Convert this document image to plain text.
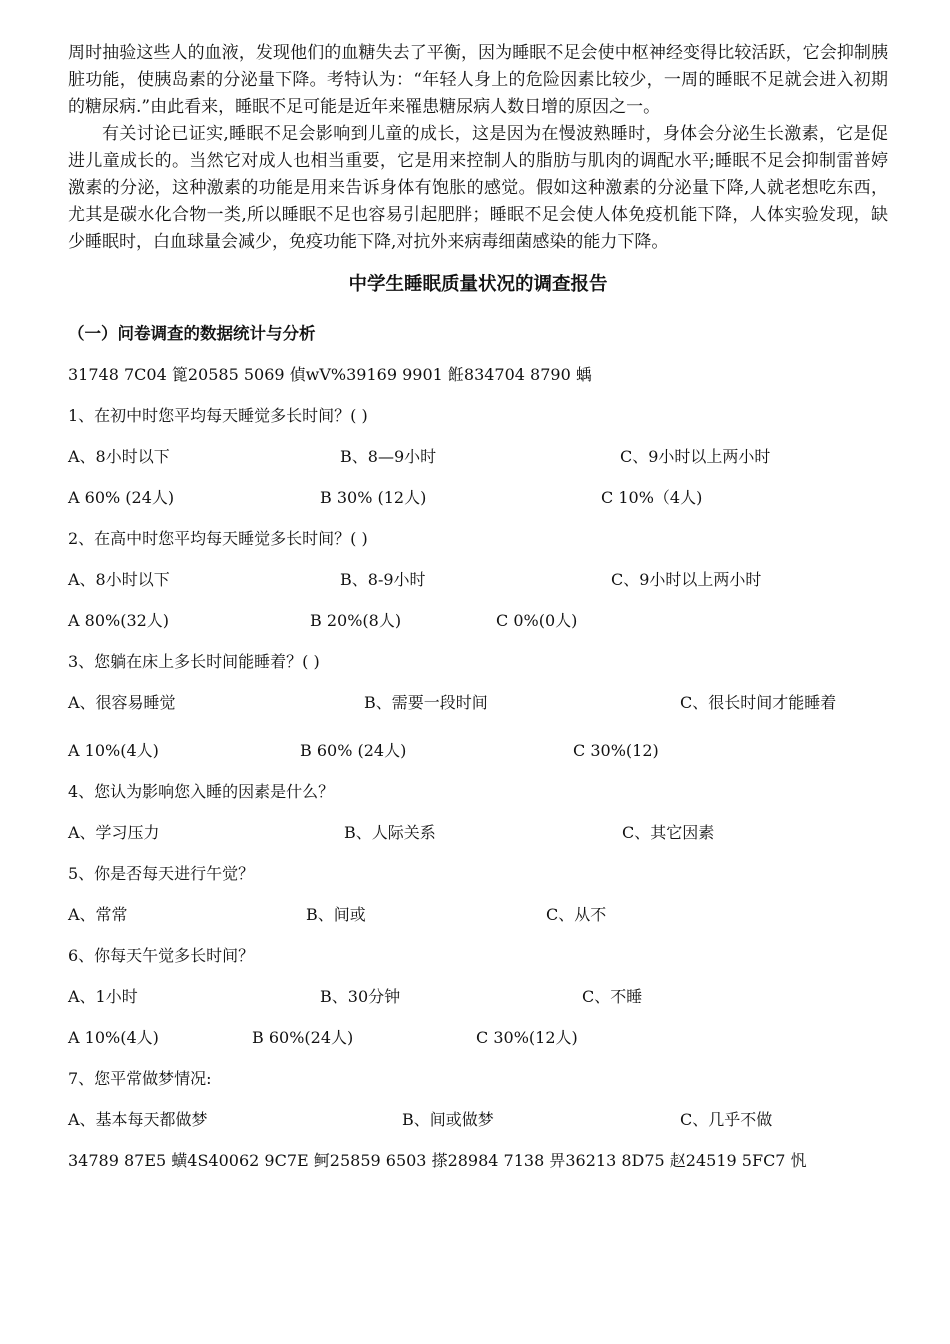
周时抽验这些人的血液，发现他们的血糖失去了平衡，因为睡眠不足会使中枢神经变得比较活跃，它会抑制胰脏功能，使胰岛素的分泌量下降。考特认为：“年轻人身上的危险因素比较少，一周的睡眠不足就会进入初期的糖尿病.”由此看来，睡眠不足可能是近年来罹患糖尿病人数日增的原因之一。

有关讨论已证实,睡眠不足会影响到儿童的成长，这是因为在慢波熟睡时，身体会分泌生长激素，它是促进儿童成长的。当然它对成人也相当重要，它是用来控制人的脂肪与肌肉的调配水平;睡眠不足会抑制雷普婷激素的分泌，这种激素的功能是用来告诉身体有饱胀的感觉。假如这种激素的分泌量下降,人就老想吃东西，尤其是碳水化合物一类,所以睡眠不足也容易引起肥胖；睡眠不足会使人体免疫机能下降，人体实验发现，缺少睡眠时，白血球量会减少，免疫功能下降,对抗外来病毒细菌感染的能力下降。

中学生睡眠质量状况的调查报告
（一）问卷调查的数据统计与分析

31748 7C04 篦20585 5069 偵wV%39169 9901 餁834704 8790 蝺

1、在初中时您平均每天睡觉多长时间？( )

A、8小时以下	B、8—9小时	C、9小时以上两小时
A 60% (24人)	B 30% (12人)	C 10%（4人)

2、在高中时您平均每天睡觉多长时间？( )

A、8小时以下	B、8-9小时	C、9小时以上两小时
A 80%(32人)	B 20%(8人)	C 0%(0人)

3、您躺在床上多长时间能睡着？( )

A、很容易睡觉	B、需要一段时间	C、很长时间才能睡着
A 10%(4人)	B 60% (24人)	C 30%(12)

4、您认为影响您入睡的因素是什么？

A、学习压力	B、人际关系	C、其它因素

5、你是否每天进行午觉？

A、常常	B、间或	C、从不

6、你每天午觉多长时间？

A、1小时	B、30分钟	C、不睡
A 10%(4人)	B 60%(24人)	C 30%(12人)

7、您平常做梦情况:

A、基本每天都做梦	B、间或做梦	C、几乎不做

34789 87E5 蟥4S40062 9C7E 鲄25859 6503 搽28984 7138 畀36213 8D75 赵24519 5FC7 忛
